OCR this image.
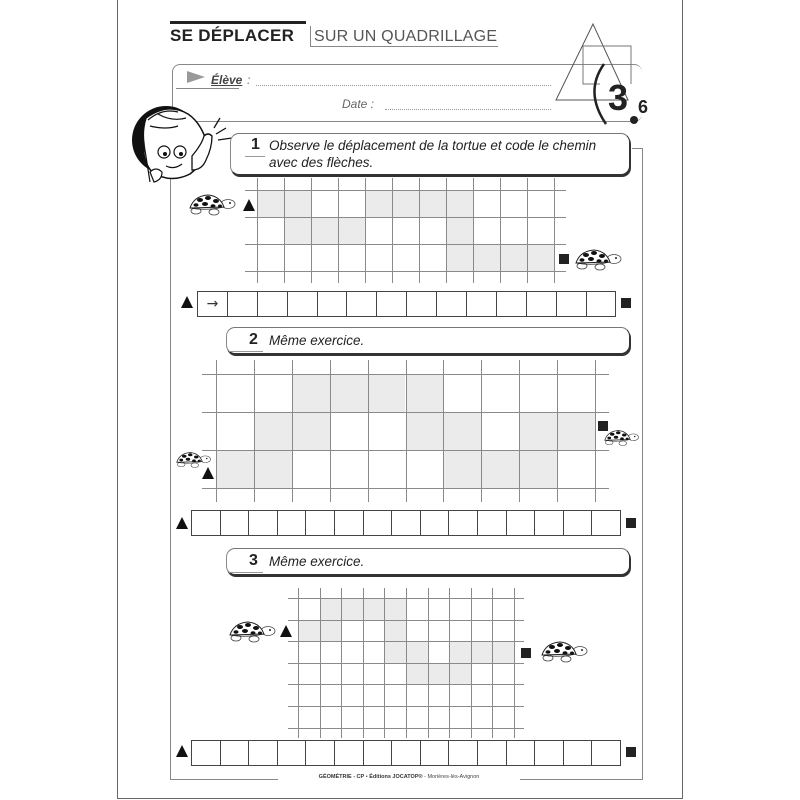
SE DÉPLACER SUR UN QUADRILLAGE
Élève :
Date :	3 6
1 Observe le déplacement de la tortue et code le chemin
avec des flèches.
→
2 Même exercice.
3 Même exercice.
GÉOMÉTRIE - CP • Éditions JOCATOP® - Morières-lès-Avignon
